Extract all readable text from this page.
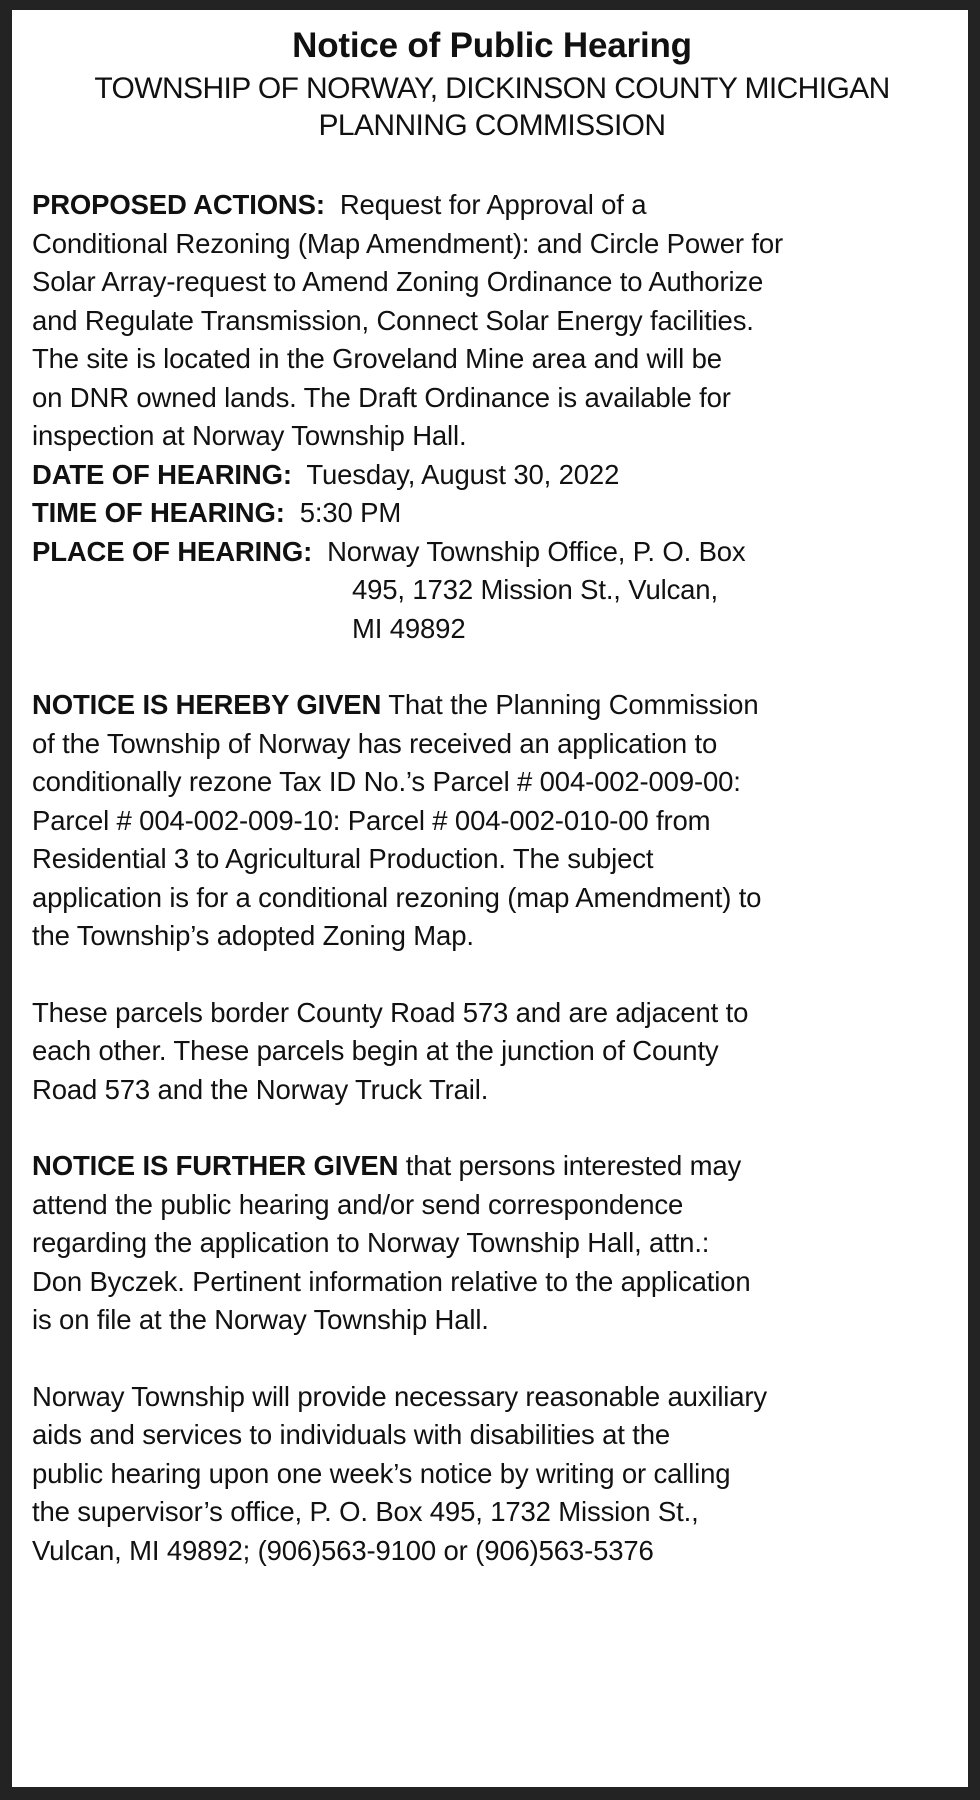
Notice of Public Hearing
TOWNSHIP OF NORWAY, DICKINSON COUNTY MICHIGAN
PLANNING COMMISSION
PROPOSED ACTIONS: Request for Approval of a
Conditional Rezoning (Map Amendment): and Circle Power for
Solar Array-request to Amend Zoning Ordinance to Authorize
and Regulate Transmission, Connect Solar Energy facilities.
The site is located in the Groveland Mine area and will be
on DNR owned lands. The Draft Ordinance is available for
inspection at Norway Township Hall.
DATE OF HEARING: Tuesday, August 30, 2022
TIME OF HEARING: 5:30 PM
PLACE OF HEARING: Norway Township Office, P. O. Box
495, 1732 Mission St., Vulcan,
MI 49892
NOTICE IS HEREBY GIVEN That the Planning Commission
of the Township of Norway has received an application to
conditionally rezone Tax ID No.’s Parcel # 004-002-009-00:
Parcel # 004-002-009-10: Parcel # 004-002-010-00 from
Residential 3 to Agricultural Production. The subject
application is for a conditional rezoning (map Amendment) to
the Township’s adopted Zoning Map.
These parcels border County Road 573 and are adjacent to
each other. These parcels begin at the junction of County
Road 573 and the Norway Truck Trail.
NOTICE IS FURTHER GIVEN that persons interested may
attend the public hearing and/or send correspondence
regarding the application to Norway Township Hall, attn.:
Don Byczek. Pertinent information relative to the application
is on file at the Norway Township Hall.
Norway Township will provide necessary reasonable auxiliary
aids and services to individuals with disabilities at the
public hearing upon one week’s notice by writing or calling
the supervisor’s office, P. O. Box 495, 1732 Mission St.,
Vulcan, MI 49892; (906)563-9100 or (906)563-5376
